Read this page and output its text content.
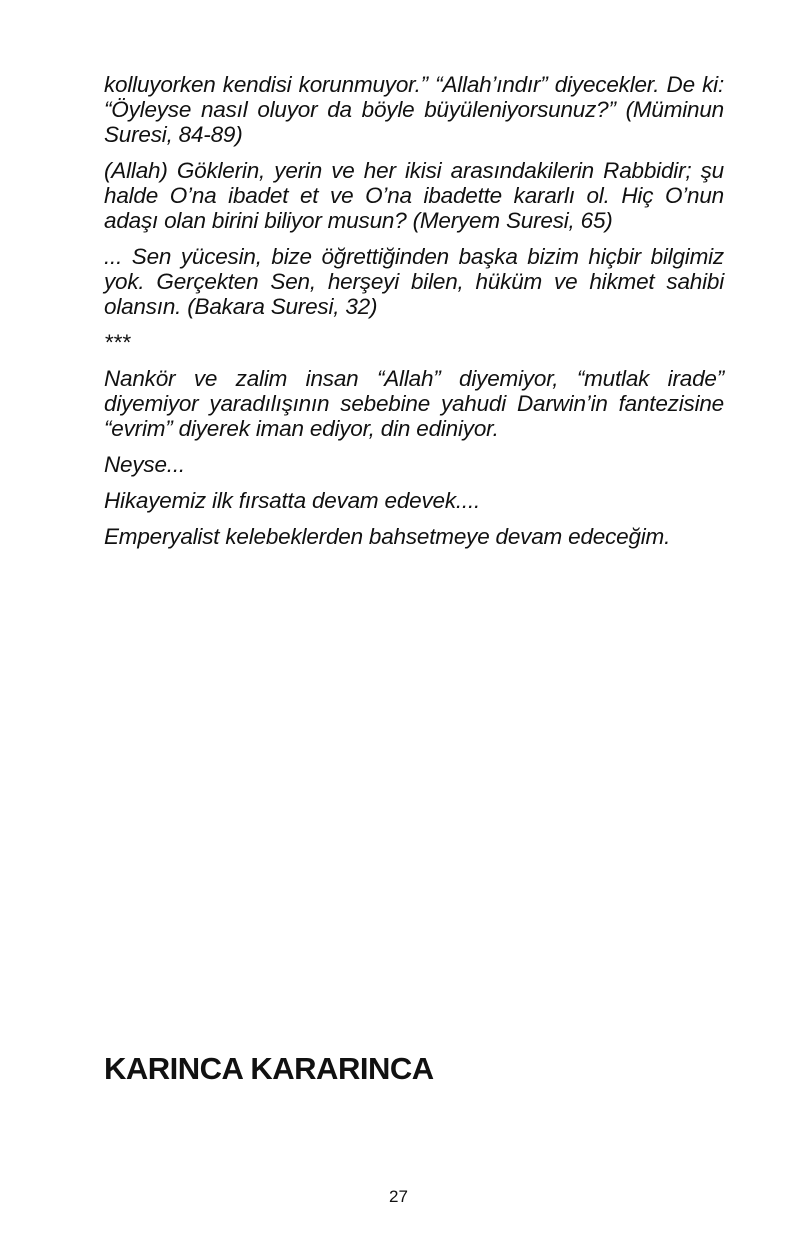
kolluyorken kendisi korunmuyor.” “Allah’ındır” diyecekler. De ki: “Öyleyse nasıl oluyor da böyle büyüleniyorsunuz?” (Müminun Suresi, 84-89)

(Allah) Göklerin, yerin ve her ikisi arasındakilerin Rabbidir; şu halde O’na ibadet et ve O’na ibadette kararlı ol. Hiç O’nun adaşı olan birini biliyor musun? (Meryem Suresi, 65)

... Sen yücesin, bize öğrettiğinden başka bizim hiçbir bilgimiz yok. Gerçekten Sen, herşeyi bilen, hüküm ve hikmet sahibi olansın. (Bakara Suresi, 32)

***

Nankör ve zalim insan “Allah” diyemiyor, “mutlak irade” diyemiyor yaradılışının sebebine yahudi Darwin’in fantezisine “evrim” diyerek iman ediyor, din ediniyor.

Neyse...

Hikayemiz ilk fırsatta devam edevek....

Emperyalist kelebeklerden bahsetmeye devam edeceğim.

KARINCA KARARINCA
27
